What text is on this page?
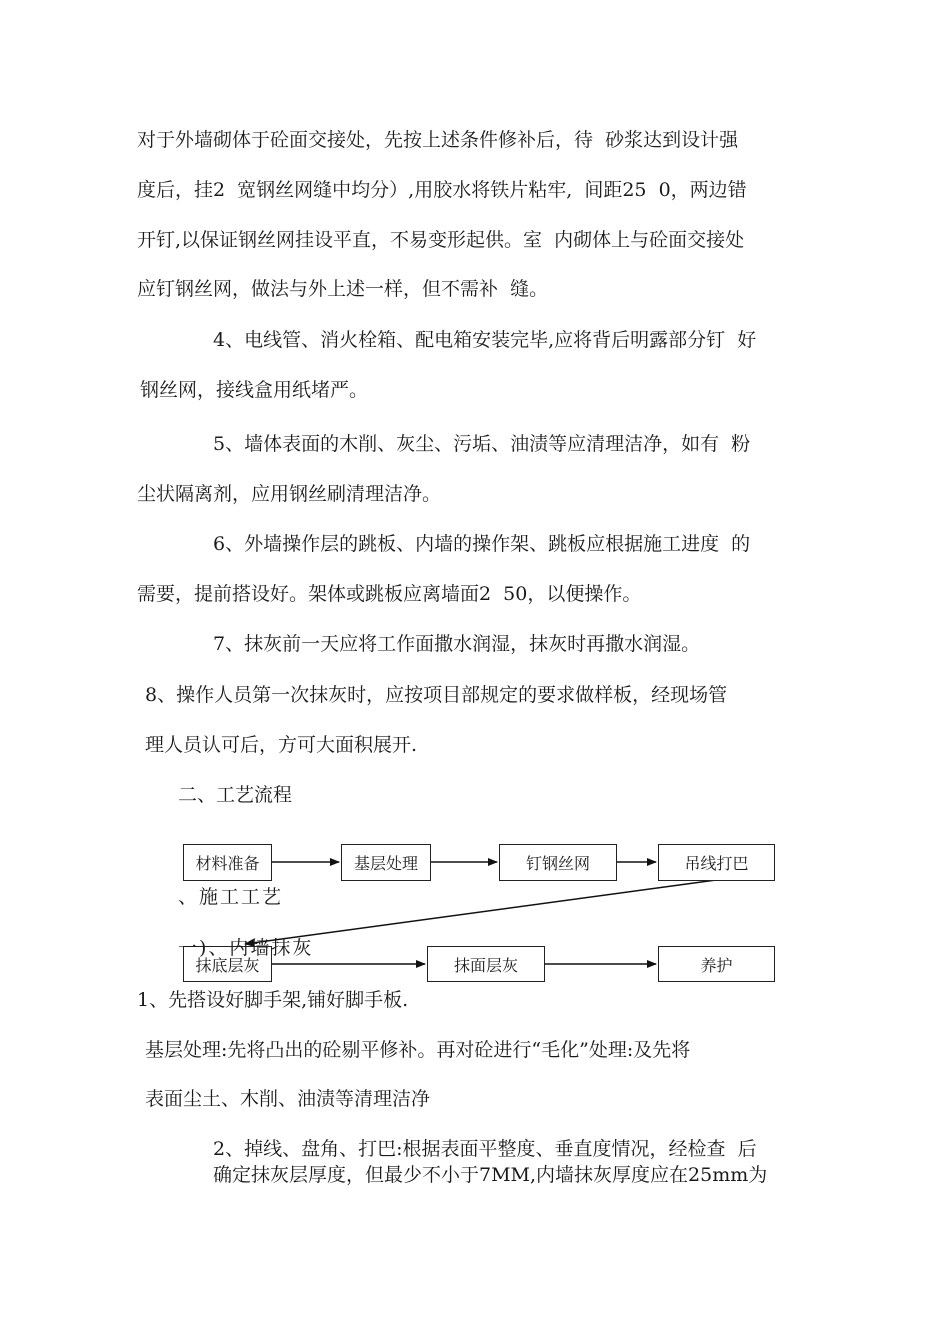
对于外墙砌体于砼面交接处，先按上述条件修补后，待  砂浆达到设计强
度后，挂2  宽钢丝网缝中均分）,用胶水将铁片粘牢,  间距25  0，两边错
开钉,以保证钢丝网挂设平直，不易变形起供。室  内砌体上与砼面交接处
应钉钢丝网，做法与外上述一样，但不需补  缝。
4、电线管、消火栓箱、配电箱安装完毕,应将背后明露部分钉  好
钢丝网，接线盒用纸堵严。
5、墙体表面的木削、灰尘、污垢、油渍等应清理洁净，如有  粉
尘状隔离剂，应用钢丝刷清理洁净。
6、外墙操作层的跳板、内墙的操作架、跳板应根据施工进度  的
需要，提前搭设好。架体或跳板应离墙面2  50，以便操作。
7、抹灰前一天应将工作面撒水润湿，抹灰时再撒水润湿。
8、操作人员第一次抹灰时，应按项目部规定的要求做样板，经现场管
理人员认可后，方可大面积展开.
二、工艺流程
材料准备	基层处理	钉钢丝网	吊线打巴
抹底层灰	抹面层灰	养护
、施工工艺
一)、内墙抹灰
1、先搭设好脚手架,铺好脚手板.
基层处理:先将凸出的砼剔平修补。再对砼进行“毛化”处理:及先将
表面尘土、木削、油渍等清理洁净
2、掉线、盘角、打巴:根据表面平整度、垂直度情况，经检查  后
确定抹灰层厚度，但最少不小于7MM,内墙抹灰厚度应在25mm为
